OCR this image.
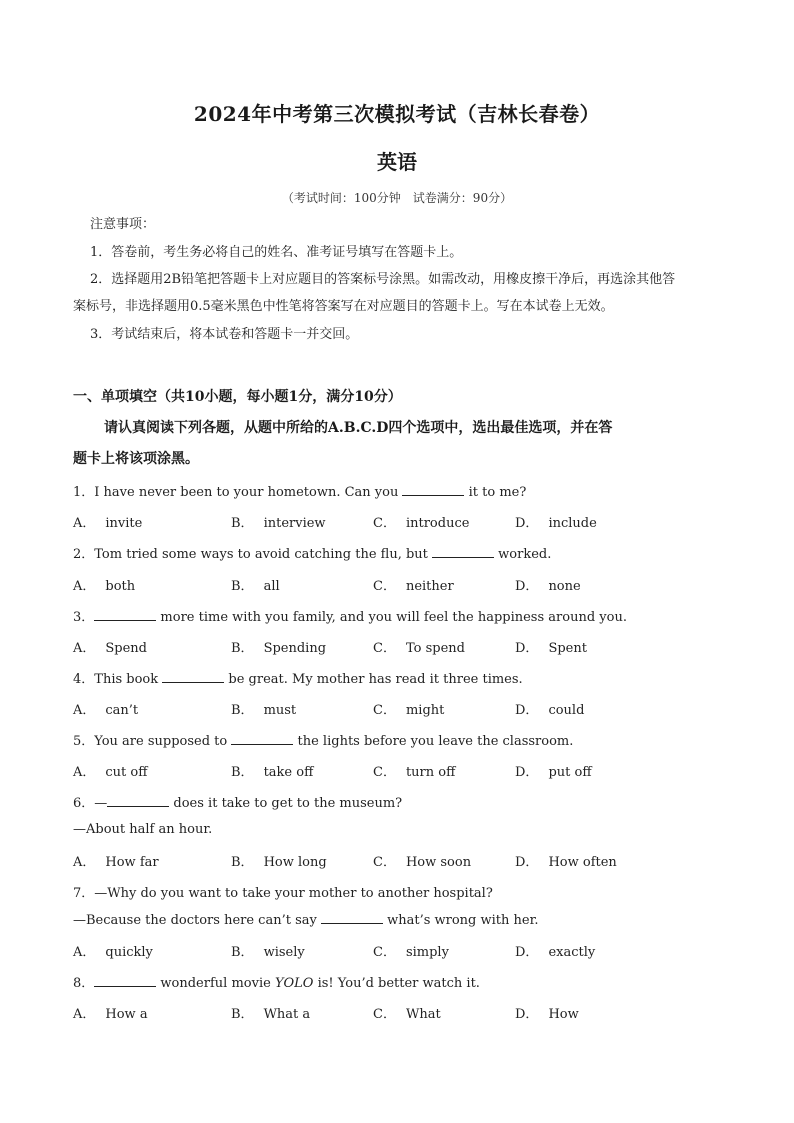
2024年中考第三次模拟考试（吉林长春卷）
英语
（考试时间：100分钟　试卷满分：90分）
注意事项：
1．答卷前，考生务必将自己的姓名、准考证号填写在答题卡上。
2．选择题用2B铅笔把答题卡上对应题目的答案标号涂黑。如需改动，用橡皮擦干净后，再选涂其他答
案标号，非选择题用0.5毫米黑色中性笔将答案写在对应题目的答题卡上。写在本试卷上无效。
3．考试结束后，将本试卷和答题卡一并交回。
一、单项填空（共10小题，每小题1分，满分10分）
请认真阅读下列各题，从题中所给的A.B.C.D四个选项中，选出最佳选项，并在答
题卡上将该项涂黑。
1．I have never been to your hometown. Can you	it to me?
A． invite	B． interview	C． introduce	D． include
2．Tom tried some ways to avoid catching the flu, but	worked.
A． both	B． all	C． neither	D． none
3．	more time with you family, and you will feel the happiness around you.
A． Spend	B． Spending	C． To spend	D． Spent
4．This book	be great. My mother has read it three times.
A． can’t	B． must	C． might	D． could
5．You are supposed to	the lights before you leave the classroom.
A． cut off	B． take off	C． turn off	D． put off
6．—	does it take to get to the museum?
—About half an hour.
A． How far	B． How long	C． How soon	D． How often
7．—Why do you want to take your mother to another hospital?
—Because the doctors here can’t say	what’s wrong with her.
A． quickly	B． wisely	C． simply	D． exactly
8．	wonderful movie YOLO is! You’d better watch it.
A． How a	B． What a	C． What	D． How
